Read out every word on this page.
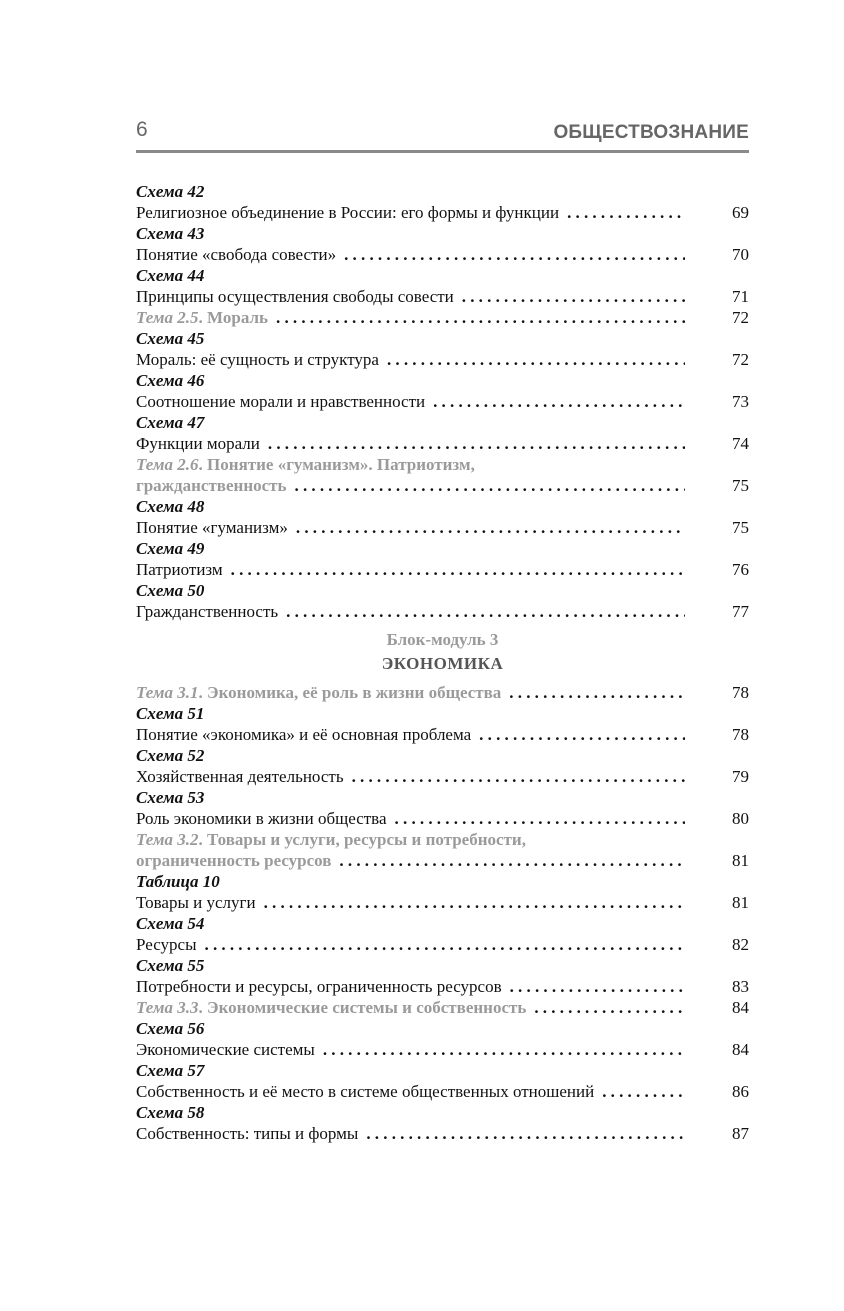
6	ОБЩЕСТВОЗНАНИЕ
Схема 42
Религиозное объединение в России: его формы и функции .....	69
Схема 43
Понятие «свобода совести» .....	70
Схема 44
Принципы осуществления свободы совести .....	71
Тема 2.5. Мораль .....	72
Схема 45
Мораль: её сущность и структура .....	72
Схема 46
Соотношение морали и нравственности .....	73
Схема 47
Функции морали .....	74
Тема 2.6. Понятие «гуманизм». Патриотизм,
гражданственность .....	75
Схема 48
Понятие «гуманизм» .....	75
Схема 49
Патриотизм .....	76
Схема 50
Гражданственность .....	77
Блок-модуль 3
ЭКОНОМИКА
Тема 3.1. Экономика, её роль в жизни общества .....	78
Схема 51
Понятие «экономика» и её основная проблема .....	78
Схема 52
Хозяйственная деятельность .....	79
Схема 53
Роль экономики в жизни общества .....	80
Тема 3.2. Товары и услуги, ресурсы и потребности,
ограниченность ресурсов .....	81
Таблица 10
Товары и услуги .....	81
Схема 54
Ресурсы .....	82
Схема 55
Потребности и ресурсы, ограниченность ресурсов .....	83
Тема 3.3. Экономические системы и собственность .....	84
Схема 56
Экономические системы .....	84
Схема 57
Собственность и её место в системе общественных отношений .....	86
Схема 58
Собственность: типы и формы .....	87
